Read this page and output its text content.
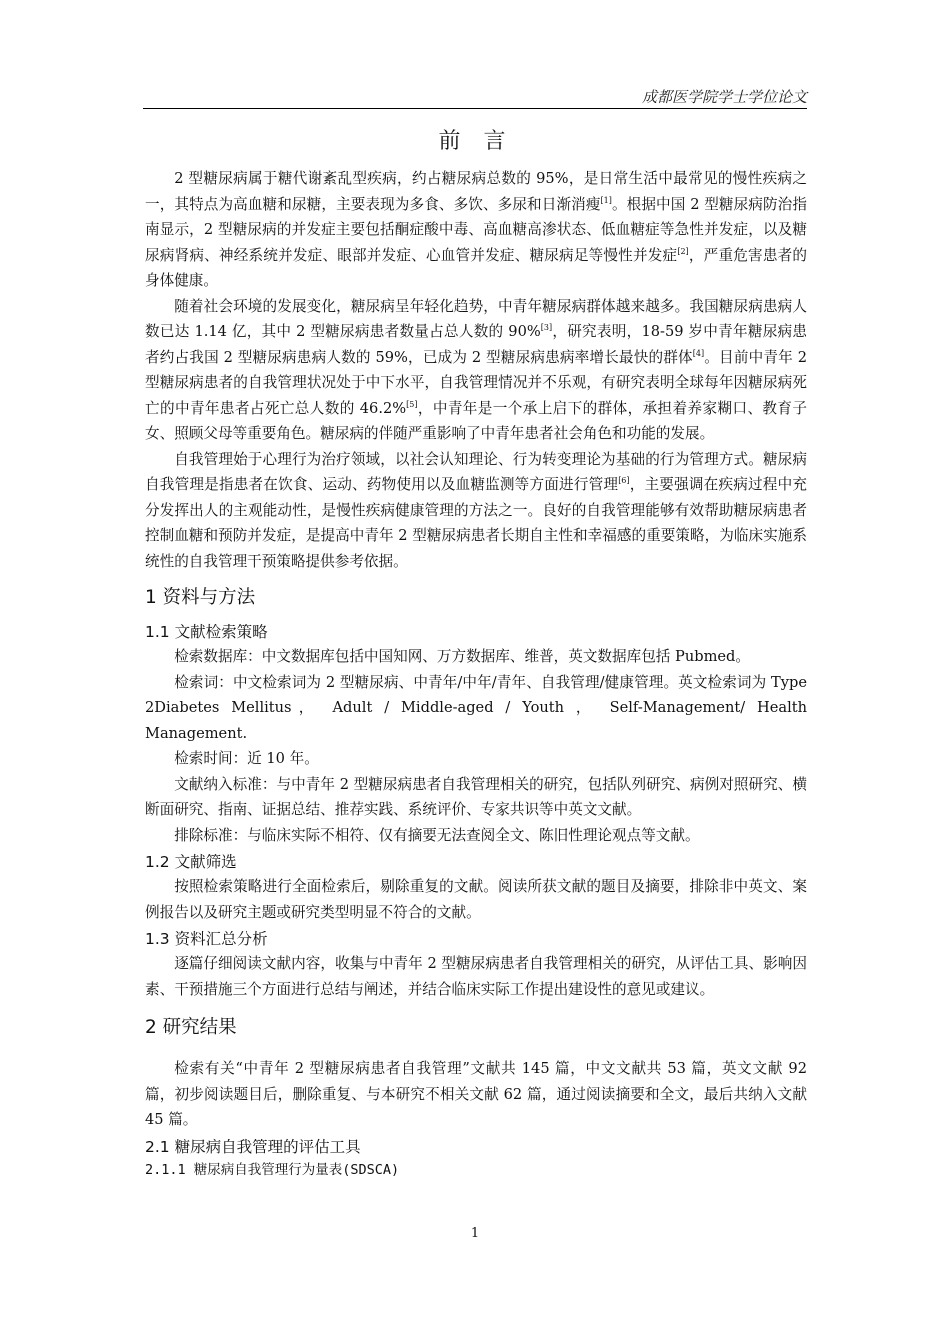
成都医学院学士学位论文
前 言

2 型糖尿病属于糖代谢紊乱型疾病，约占糖尿病总数的 95%，是日常生活中最常见的慢性疾病之一，其特点为高血糖和尿糖，主要表现为多食、多饮、多尿和日渐消瘦[1]。根据中国 2 型糖尿病防治指南显示，2 型糖尿病的并发症主要包括酮症酸中毒、高血糖高渗状态、低血糖症等急性并发症，以及糖尿病肾病、神经系统并发症、眼部并发症、心血管并发症、糖尿病足等慢性并发症[2]，严重危害患者的身体健康。

随着社会环境的发展变化，糖尿病呈年轻化趋势，中青年糖尿病群体越来越多。我国糖尿病患病人数已达 1.14 亿，其中 2 型糖尿病患者数量占总人数的 90%[3]，研究表明，18-59 岁中青年糖尿病患者约占我国 2 型糖尿病患病人数的 59%，已成为 2 型糖尿病患病率增长最快的群体[4]。目前中青年 2 型糖尿病患者的自我管理状况处于中下水平，自我管理情况并不乐观，有研究表明全球每年因糖尿病死亡的中青年患者占死亡总人数的 46.2%[5]，中青年是一个承上启下的群体，承担着养家糊口、教育子女、照顾父母等重要角色。糖尿病的伴随严重影响了中青年患者社会角色和功能的发展。

自我管理始于心理行为治疗领域，以社会认知理论、行为转变理论为基础的行为管理方式。糖尿病自我管理是指患者在饮食、运动、药物使用以及血糖监测等方面进行管理[6]，主要强调在疾病过程中充分发挥出人的主观能动性，是慢性疾病健康管理的方法之一。良好的自我管理能够有效帮助糖尿病患者控制血糖和预防并发症，是提高中青年 2 型糖尿病患者长期自主性和幸福感的重要策略，为临床实施系统性的自我管理干预策略提供参考依据。

1 资料与方法
1.1 文献检索策略

检索数据库：中文数据库包括中国知网、万方数据库、维普，英文数据库包括 Pubmed。

检索词：中文检索词为 2 型糖尿病、中青年/中年/青年、自我管理/健康管理。英文检索词为 Type 2Diabetes Mellitus， Adult / Middle-aged / Youth ， Self-Management/ Health Management.

检索时间：近 10 年。

文献纳入标准：与中青年 2 型糖尿病患者自我管理相关的研究，包括队列研究、病例对照研究、横断面研究、指南、证据总结、推荐实践、系统评价、专家共识等中英文文献。

排除标准：与临床实际不相符、仅有摘要无法查阅全文、陈旧性理论观点等文献。

1.2 文献筛选

按照检索策略进行全面检索后，剔除重复的文献。阅读所获文献的题目及摘要，排除非中英文、案例报告以及研究主题或研究类型明显不符合的文献。

1.3 资料汇总分析

逐篇仔细阅读文献内容，收集与中青年 2 型糖尿病患者自我管理相关的研究，从评估工具、影响因素、干预措施三个方面进行总结与阐述，并结合临床实际工作提出建设性的意见或建议。

2 研究结果

检索有关“中青年 2 型糖尿病患者自我管理”文献共 145 篇，中文文献共 53 篇，英文文献 92 篇，初步阅读题目后，删除重复、与本研究不相关文献 62 篇，通过阅读摘要和全文，最后共纳入文献 45 篇。

2.1 糖尿病自我管理的评估工具
2.1.1 糖尿病自我管理行为量表(SDSCA)
1
